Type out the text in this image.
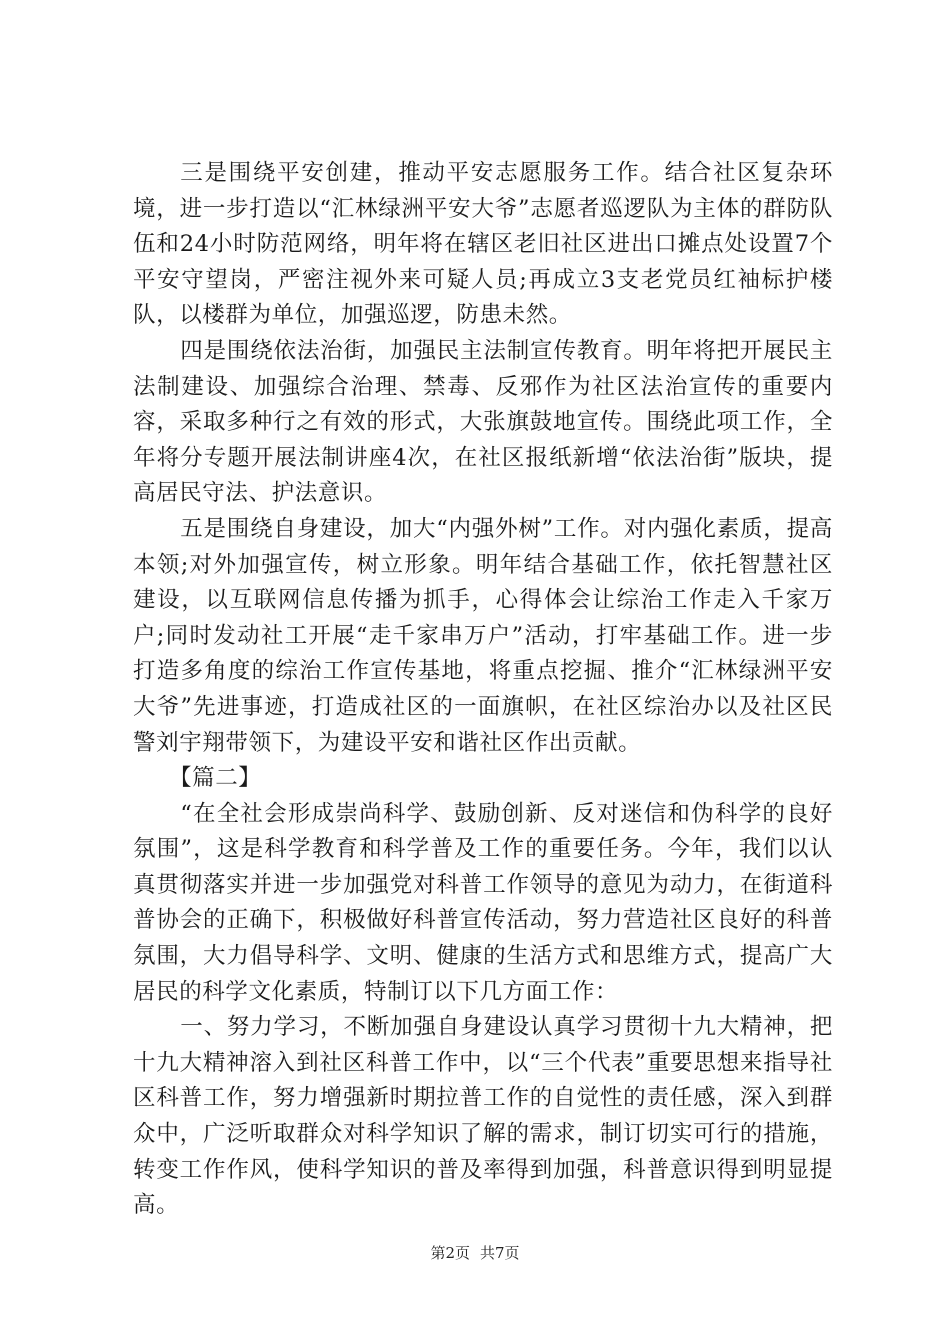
三是围绕平安创建，推动平安志愿服务工作。结合社区复杂环境，进一步打造以“汇林绿洲平安大爷”志愿者巡逻队为主体的群防队伍和24小时防范网络，明年将在辖区老旧社区进出口摊点处设置7个平安守望岗，严密注视外来可疑人员;再成立3支老党员红袖标护楼队，以楼群为单位，加强巡逻，防患未然。

四是围绕依法治街，加强民主法制宣传教育。明年将把开展民主法制建设、加强综合治理、禁毒、反邪作为社区法治宣传的重要内容，采取多种行之有效的形式，大张旗鼓地宣传。围绕此项工作，全年将分专题开展法制讲座4次，在社区报纸新增“依法治街”版块，提高居民守法、护法意识。

五是围绕自身建设，加大“内强外树”工作。对内强化素质，提高本领;对外加强宣传，树立形象。明年结合基础工作，依托智慧社区建设，以互联网信息传播为抓手，心得体会让综治工作走入千家万户;同时发动社工开展“走千家串万户”活动，打牢基础工作。进一步打造多角度的综治工作宣传基地，将重点挖掘、推介“汇林绿洲平安大爷”先进事迹，打造成社区的一面旗帜，在社区综治办以及社区民警刘宇翔带领下，为建设平安和谐社区作出贡献。

【篇二】

“在全社会形成崇尚科学、鼓励创新、反对迷信和伪科学的良好氛围”，这是科学教育和科学普及工作的重要任务。今年，我们以认真贯彻落实并进一步加强党对科普工作领导的意见为动力，在街道科普协会的正确下，积极做好科普宣传活动，努力营造社区良好的科普氛围，大力倡导科学、文明、健康的生活方式和思维方式，提高广大居民的科学文化素质，特制订以下几方面工作：

一、努力学习，不断加强自身建设认真学习贯彻十九大精神，把十九大精神溶入到社区科普工作中，以“三个代表”重要思想来指导社区科普工作，努力增强新时期拉普工作的自觉性的责任感，深入到群众中，广泛听取群众对科学知识了解的需求，制订切实可行的措施，转变工作作风，使科学知识的普及率得到加强，科普意识得到明显提高。

第2页 共7页
